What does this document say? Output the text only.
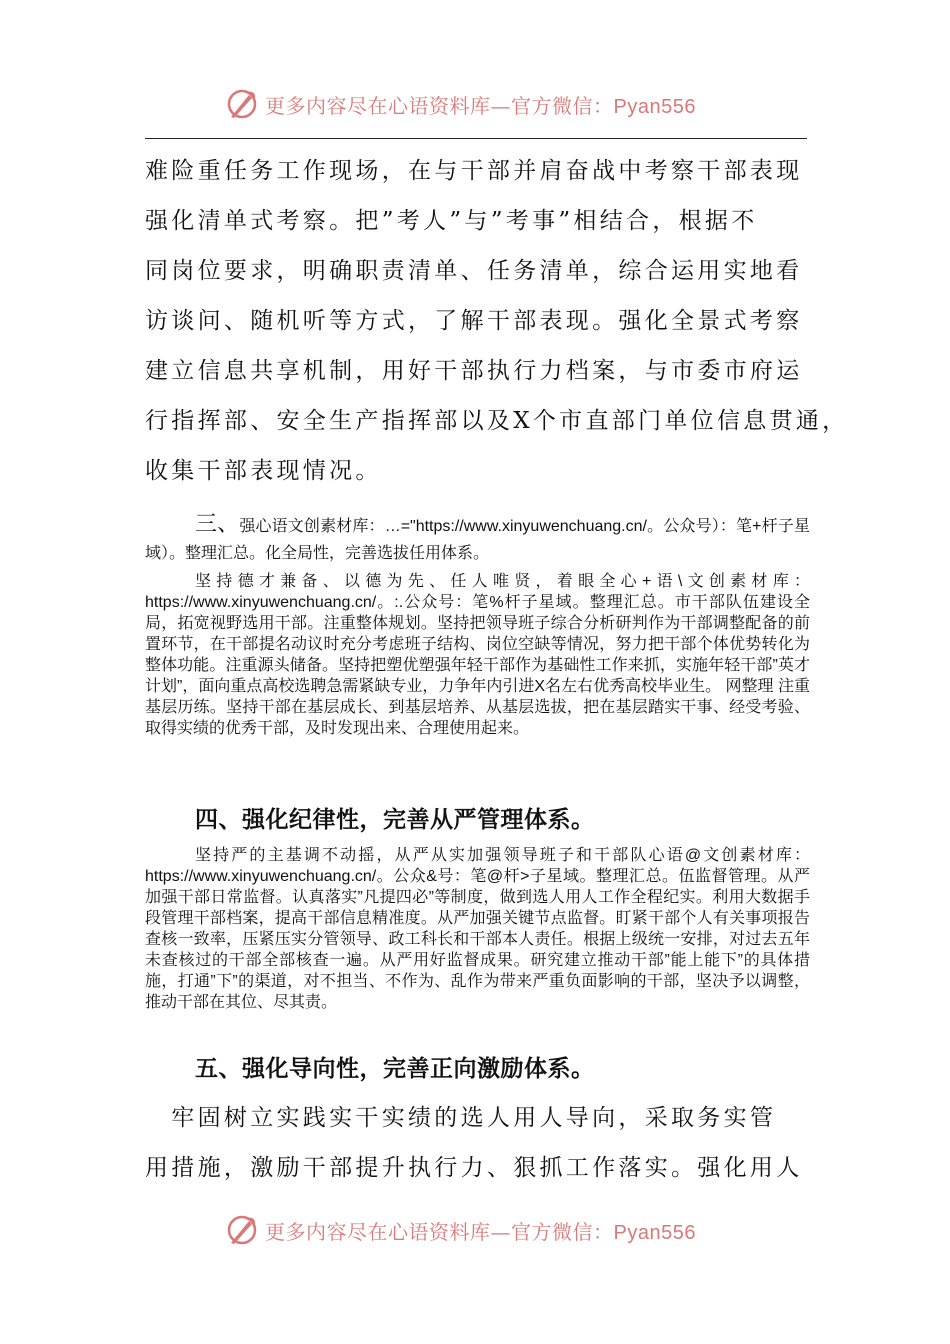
更多内容尽在心语资料库—官方微信：Pyan556

难险重任务工作现场，在与干部并肩奋战中考察干部表现

强化清单式考察。把”考人”与”考事”相结合，根据不

同岗位要求，明确职责清单、任务清单，综合运用实地看

访谈问、随机听等方式，了解干部表现。强化全景式考察

建立信息共享机制，用好干部执行力档案，与市委市府运

行指挥部、安全生产指挥部以及X个市直部门单位信息贯通，

收集干部表现情况。

三、强心语文创素材库：…="https://www.xinyuwenchuang.cn/。公众号）：笔+杆子星域）。整理汇总。化全局性，完善选拔任用体系。

坚持德才兼备、以德为先、任人唯贤，着眼全心+语\文创素材库：https://www.xinyuwenchuang.cn/。:.公众号：笔%杆子星域。整理汇总。市干部队伍建设全局，拓宽视野选用干部。注重整体规划。坚持把领导班子综合分析研判作为干部调整配备的前置环节，在干部提名动议时充分考虑班子结构、岗位空缺等情况，努力把干部个体优势转化为整体功能。注重源头储备。坚持把塑优塑强年轻干部作为基础性工作来抓，实施年轻干部”英才计划”，面向重点高校选聘急需紧缺专业，力争年内引进X名左右优秀高校毕业生。 网整理 注重基层历练。坚持干部在基层成长、到基层培养、从基层选拔，把在基层踏实干事、经受考验、取得实绩的优秀干部，及时发现出来、合理使用起来。

四、强化纪律性，完善从严管理体系。

坚持严的主基调不动摇，从严从实加强领导班子和干部队心语@文创素材库：https://www.xinyuwenchuang.cn/。公众&号：笔@杆>子星域。整理汇总。伍监督管理。从严加强干部日常监督。认真落实”凡提四必”等制度，做到选人用人工作全程纪实。利用大数据手段管理干部档案，提高干部信息精准度。从严加强关键节点监督。盯紧干部个人有关事项报告查核一致率，压紧压实分管领导、政工科长和干部本人责任。根据上级统一安排，对过去五年未查核过的干部全部核查一遍。从严用好监督成果。研究建立推动干部”能上能下”的具体措施，打通”下”的渠道，对不担当、不作为、乱作为带来严重负面影响的干部，坚决予以调整，推动干部在其位、尽其责。

五、强化导向性，完善正向激励体系。

　牢固树立实践实干实绩的选人用人导向，采取务实管

用措施，激励干部提升执行力、狠抓工作落实。强化用人

更多内容尽在心语资料库—官方微信：Pyan556
